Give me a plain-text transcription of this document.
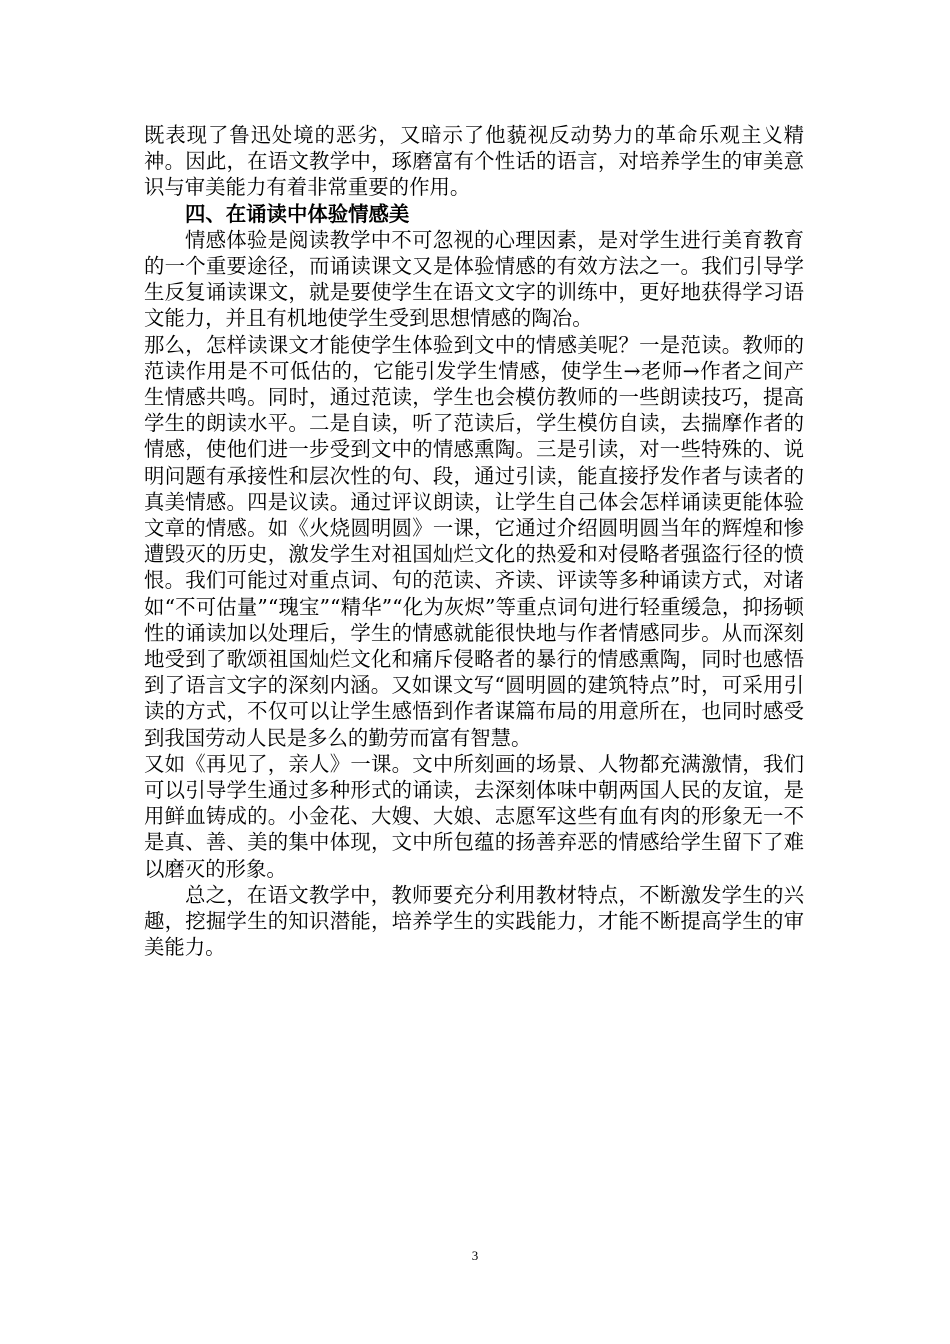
既表现了鲁迅处境的恶劣，又暗示了他藐视反动势力的革命乐观主义精神。因此，在语文教学中，琢磨富有个性话的语言，对培养学生的审美意识与审美能力有着非常重要的作用。

四、在诵读中体验情感美

情感体验是阅读教学中不可忽视的心理因素，是对学生进行美育教育的一个重要途径，而诵读课文又是体验情感的有效方法之一。我们引导学生反复诵读课文，就是要使学生在语文文字的训练中，更好地获得学习语文能力，并且有机地使学生受到思想情感的陶冶。

那么，怎样读课文才能使学生体验到文中的情感美呢？一是范读。教师的范读作用是不可低估的，它能引发学生情感，使学生→老师→作者之间产生情感共鸣。同时，通过范读，学生也会模仿教师的一些朗读技巧，提高学生的朗读水平。二是自读，听了范读后，学生模仿自读，去揣摩作者的情感，使他们进一步受到文中的情感熏陶。三是引读，对一些特殊的、说明问题有承接性和层次性的句、段，通过引读，能直接抒发作者与读者的真美情感。四是议读。通过评议朗读，让学生自己体会怎样诵读更能体验文章的情感。如《火烧圆明圆》一课，它通过介绍圆明圆当年的辉煌和惨遭毁灭的历史，激发学生对祖国灿烂文化的热爱和对侵略者强盗行径的愤恨。我们可能过对重点词、句的范读、齐读、评读等多种诵读方式，对诸如“不可估量”“瑰宝”“精华”“化为灰烬”等重点词句进行轻重缓急，抑扬顿性的诵读加以处理后，学生的情感就能很快地与作者情感同步。从而深刻地受到了歌颂祖国灿烂文化和痛斥侵略者的暴行的情感熏陶，同时也感悟到了语言文字的深刻内涵。又如课文写“圆明圆的建筑特点”时，可采用引读的方式，不仅可以让学生感悟到作者谋篇布局的用意所在，也同时感受到我国劳动人民是多么的勤劳而富有智慧。

又如《再见了，亲人》一课。文中所刻画的场景、人物都充满激情，我们可以引导学生通过多种形式的诵读，去深刻体味中朝两国人民的友谊，是用鲜血铸成的。小金花、大嫂、大娘、志愿军这些有血有肉的形象无一不是真、善、美的集中体现，文中所包蕴的扬善弃恶的情感给学生留下了难以磨灭的形象。

总之，在语文教学中，教师要充分利用教材特点，不断激发学生的兴趣，挖掘学生的知识潜能，培养学生的实践能力，才能不断提高学生的审美能力。

3
